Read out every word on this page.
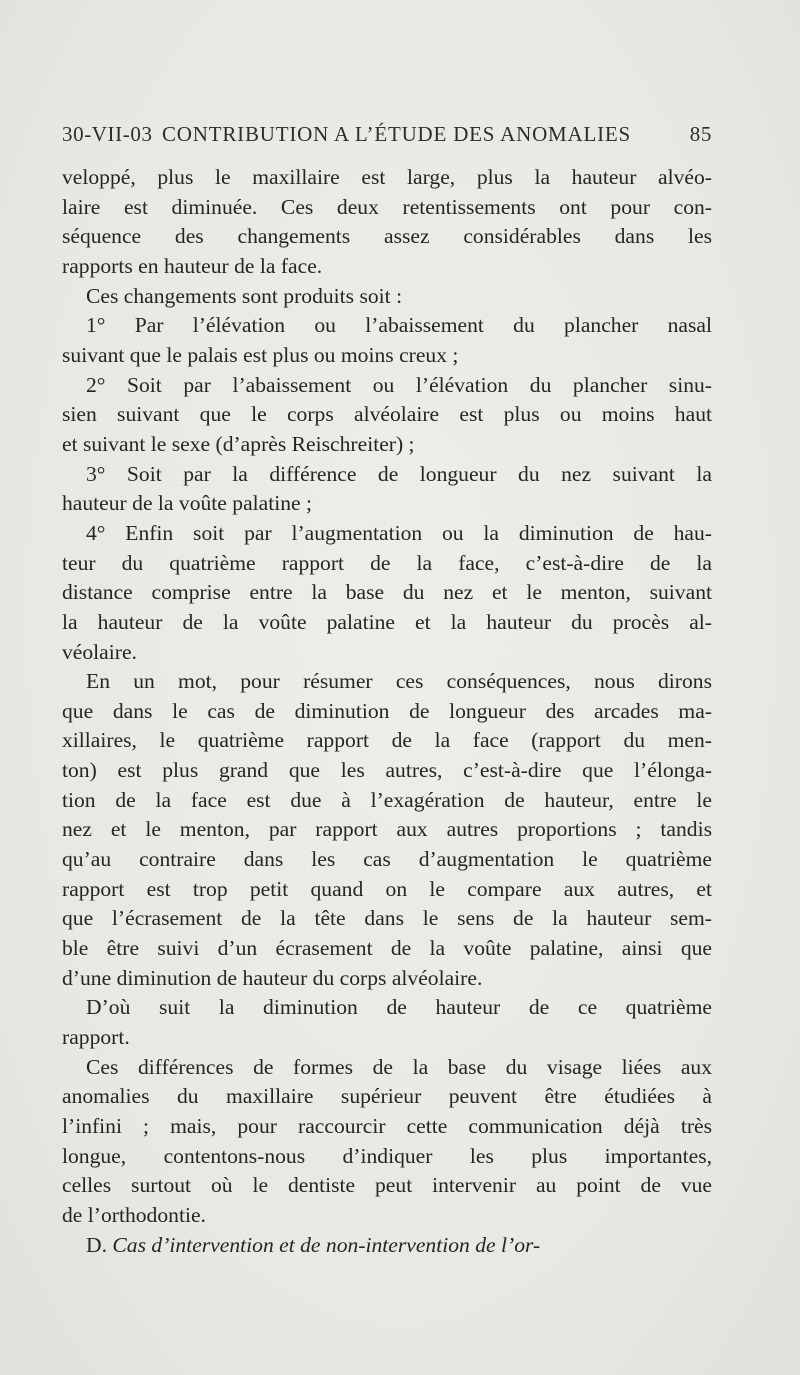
30-VII-03 CONTRIBUTION A L’ÉTUDE DES ANOMALIES	85
veloppé, plus le maxillaire est large, plus la hauteur alvéo-
laire est diminuée. Ces deux retentissements ont pour con-
séquence des changements assez considérables dans les
rapports en hauteur de la face.
Ces changements sont produits soit :
1° Par l’élévation ou l’abaissement du plancher nasal
suivant que le palais est plus ou moins creux ;
2° Soit par l’abaissement ou l’élévation du plancher sinu-
sien suivant que le corps alvéolaire est plus ou moins haut
et suivant le sexe (d’après Reischreiter) ;
3° Soit par la différence de longueur du nez suivant la
hauteur de la voûte palatine ;
4° Enfin soit par l’augmentation ou la diminution de hau-
teur du quatrième rapport de la face, c’est-à-dire de la
distance comprise entre la base du nez et le menton, suivant
la hauteur de la voûte palatine et la hauteur du procès al-
véolaire.
En un mot, pour résumer ces conséquences, nous dirons
que dans le cas de diminution de longueur des arcades ma-
xillaires, le quatrième rapport de la face (rapport du men-
ton) est plus grand que les autres, c’est-à-dire que l’élonga-
tion de la face est due à l’exagération de hauteur, entre le
nez et le menton, par rapport aux autres proportions ; tandis
qu’au contraire dans les cas d’augmentation le quatrième
rapport est trop petit quand on le compare aux autres, et
que l’écrasement de la tête dans le sens de la hauteur sem-
ble être suivi d’un écrasement de la voûte palatine, ainsi que
d’une diminution de hauteur du corps alvéolaire.
D’où suit la diminution de hauteur de ce quatrième
rapport.
Ces différences de formes de la base du visage liées aux
anomalies du maxillaire supérieur peuvent être étudiées à
l’infini ; mais, pour raccourcir cette communication déjà très
longue, contentons-nous d’indiquer les plus importantes,
celles surtout où le dentiste peut intervenir au point de vue
de l’orthodontie.
D. Cas d’intervention et de non-intervention de l’or-
